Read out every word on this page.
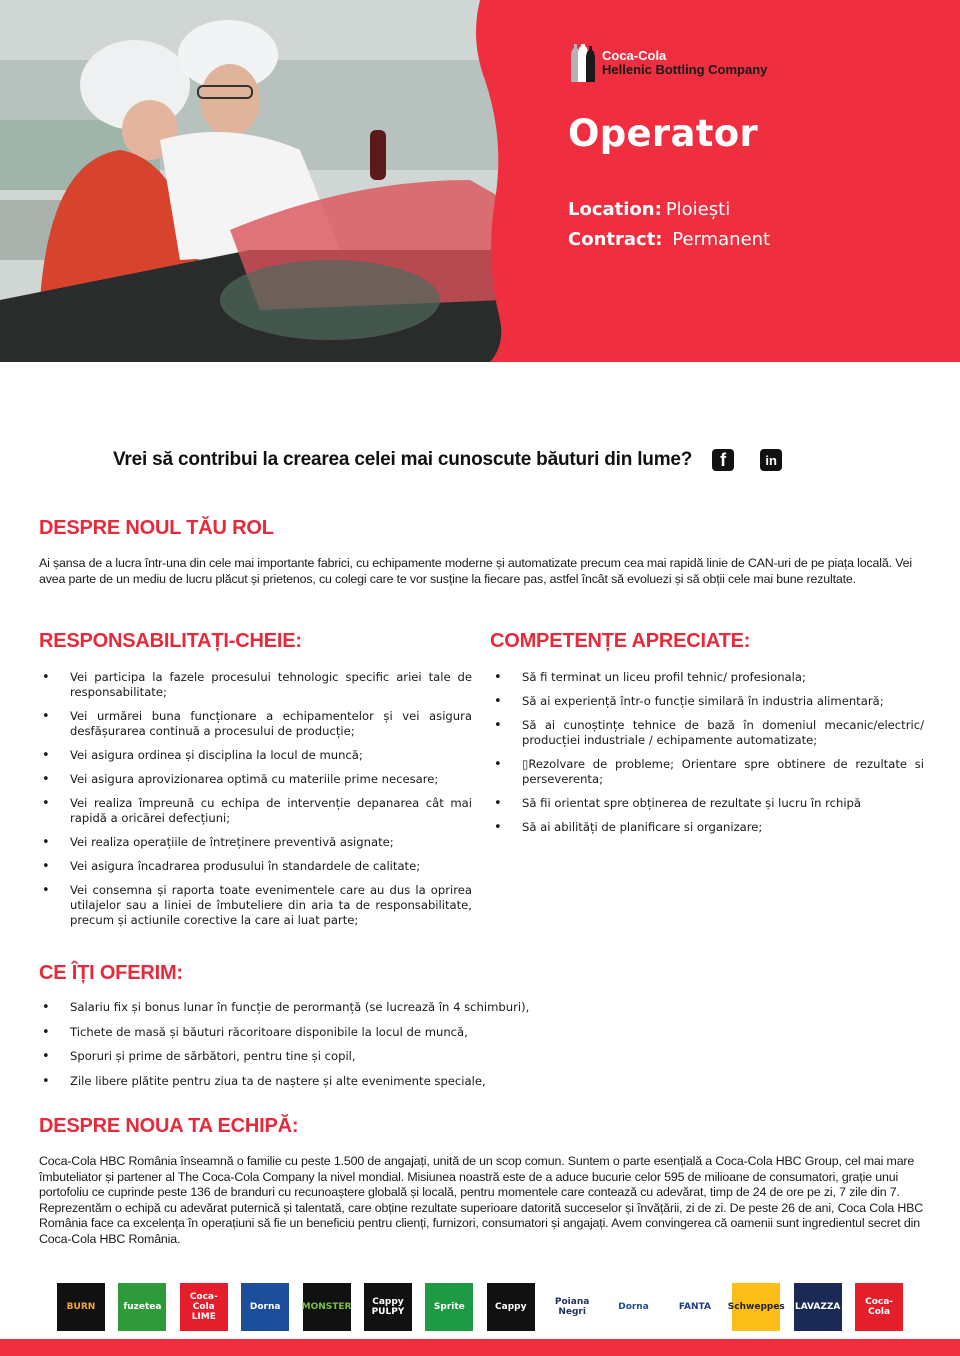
Coca-Cola
Hellenic Bottling Company
Operator
Location: Ploiești
Contract: Permanent
Vrei să contribui la crearea celei mai cunoscute băuturi din lume?	f	in
DESPRE NOUL TĂU ROL

Ai șansa de a lucra într-una din cele mai importante fabrici, cu echipamente moderne și automatizate precum cea mai rapidă linie de CAN-uri de pe piața locală. Vei avea parte de un mediu de lucru plăcut și prietenos, cu colegi care te vor susține la fiecare pas, astfel încât să evoluezi și să obții cele mai bune rezultate.

RESPONSABILITAȚI-CHEIE:
• Vei participa la fazele procesului tehnologic specific ariei tale de responsabilitate;
• Vei urmărei buna funcționare a echipamentelor și vei asigura desfășurarea continuă a procesului de producție;
• Vei asigura ordinea și disciplina la locul de muncă;
• Vei asigura aprovizionarea optimă cu materiile prime necesare;
• Vei realiza împreună cu echipa de intervenție depanarea cât mai rapidă a oricărei defecțiuni;
• Vei realiza operațiile de întreținere preventivă asignate;
• Vei asigura încadrarea produsului în standardele de calitate;
• Vei consemna și raporta toate evenimentele care au dus la oprirea utilajelor sau a liniei de îmbuteliere din aria ta de responsabilitate, precum și actiunile corective la care ai luat parte;
COMPETENȚE APRECIATE:
• Să fi terminat un liceu profil tehnic/ profesionala;
• Să ai experiență într-o funcție similară în industria alimentară;
• Să ai cunoștințe tehnice de bază în domeniul mecanic/electric/ producției industriale / echipamente automatizate;
• ▯Rezolvare de probleme; Orientare spre obtinere de rezultate si perseverenta;
• Să fii orientat spre obținerea de rezultate și lucru în rchipă
• Să ai abilități de planificare si organizare;
CE ÎȚI OFERIM:
• Salariu fix și bonus lunar în funcție de perormanță (se lucrează în 4 schimburi),
• Tichete de masă și băuturi răcoritoare disponibile la locul de muncă,
• Sporuri și prime de sărbători, pentru tine și copil,
• Zile libere plătite pentru ziua ta de naștere și alte evenimente speciale,
DESPRE NOUA TA ECHIPĂ:

Coca-Cola HBC România înseamnă o familie cu peste 1.500 de angajați, unită de un scop comun. Suntem o parte esențială a Coca-Cola HBC Group, cel mai mare îmbuteliator și partener al The Coca-Cola Company la nivel mondial. Misiunea noastră este de a aduce bucurie celor 595 de milioane de consumatori, grație unui portofoliu ce cuprinde peste 136 de branduri cu recunoaștere globală și locală, pentru momentele care contează cu adevărat, timp de 24 de ore pe zi, 7 zile din 7. Reprezentăm o echipă cu adevărat puternică și talentată, care obține rezultate superioare datorită succeselor și învățării, zi de zi. De peste 26 de ani, Coca Cola HBC România face ca excelența în operațiuni să fie un beneficiu pentru clienți, furnizori, consumatori și angajați. Avem convingerea că oamenii sunt ingredientul secret din Coca-Cola HBC România.

BURN	fuzetea
Coca-Cola LIME
Dorna	MONSTER	Cappy PULPY	Sprite	Cappy	Poiana Negri	Dorna	FANTA	Schweppes LAVAZZA	Coca-Cola
